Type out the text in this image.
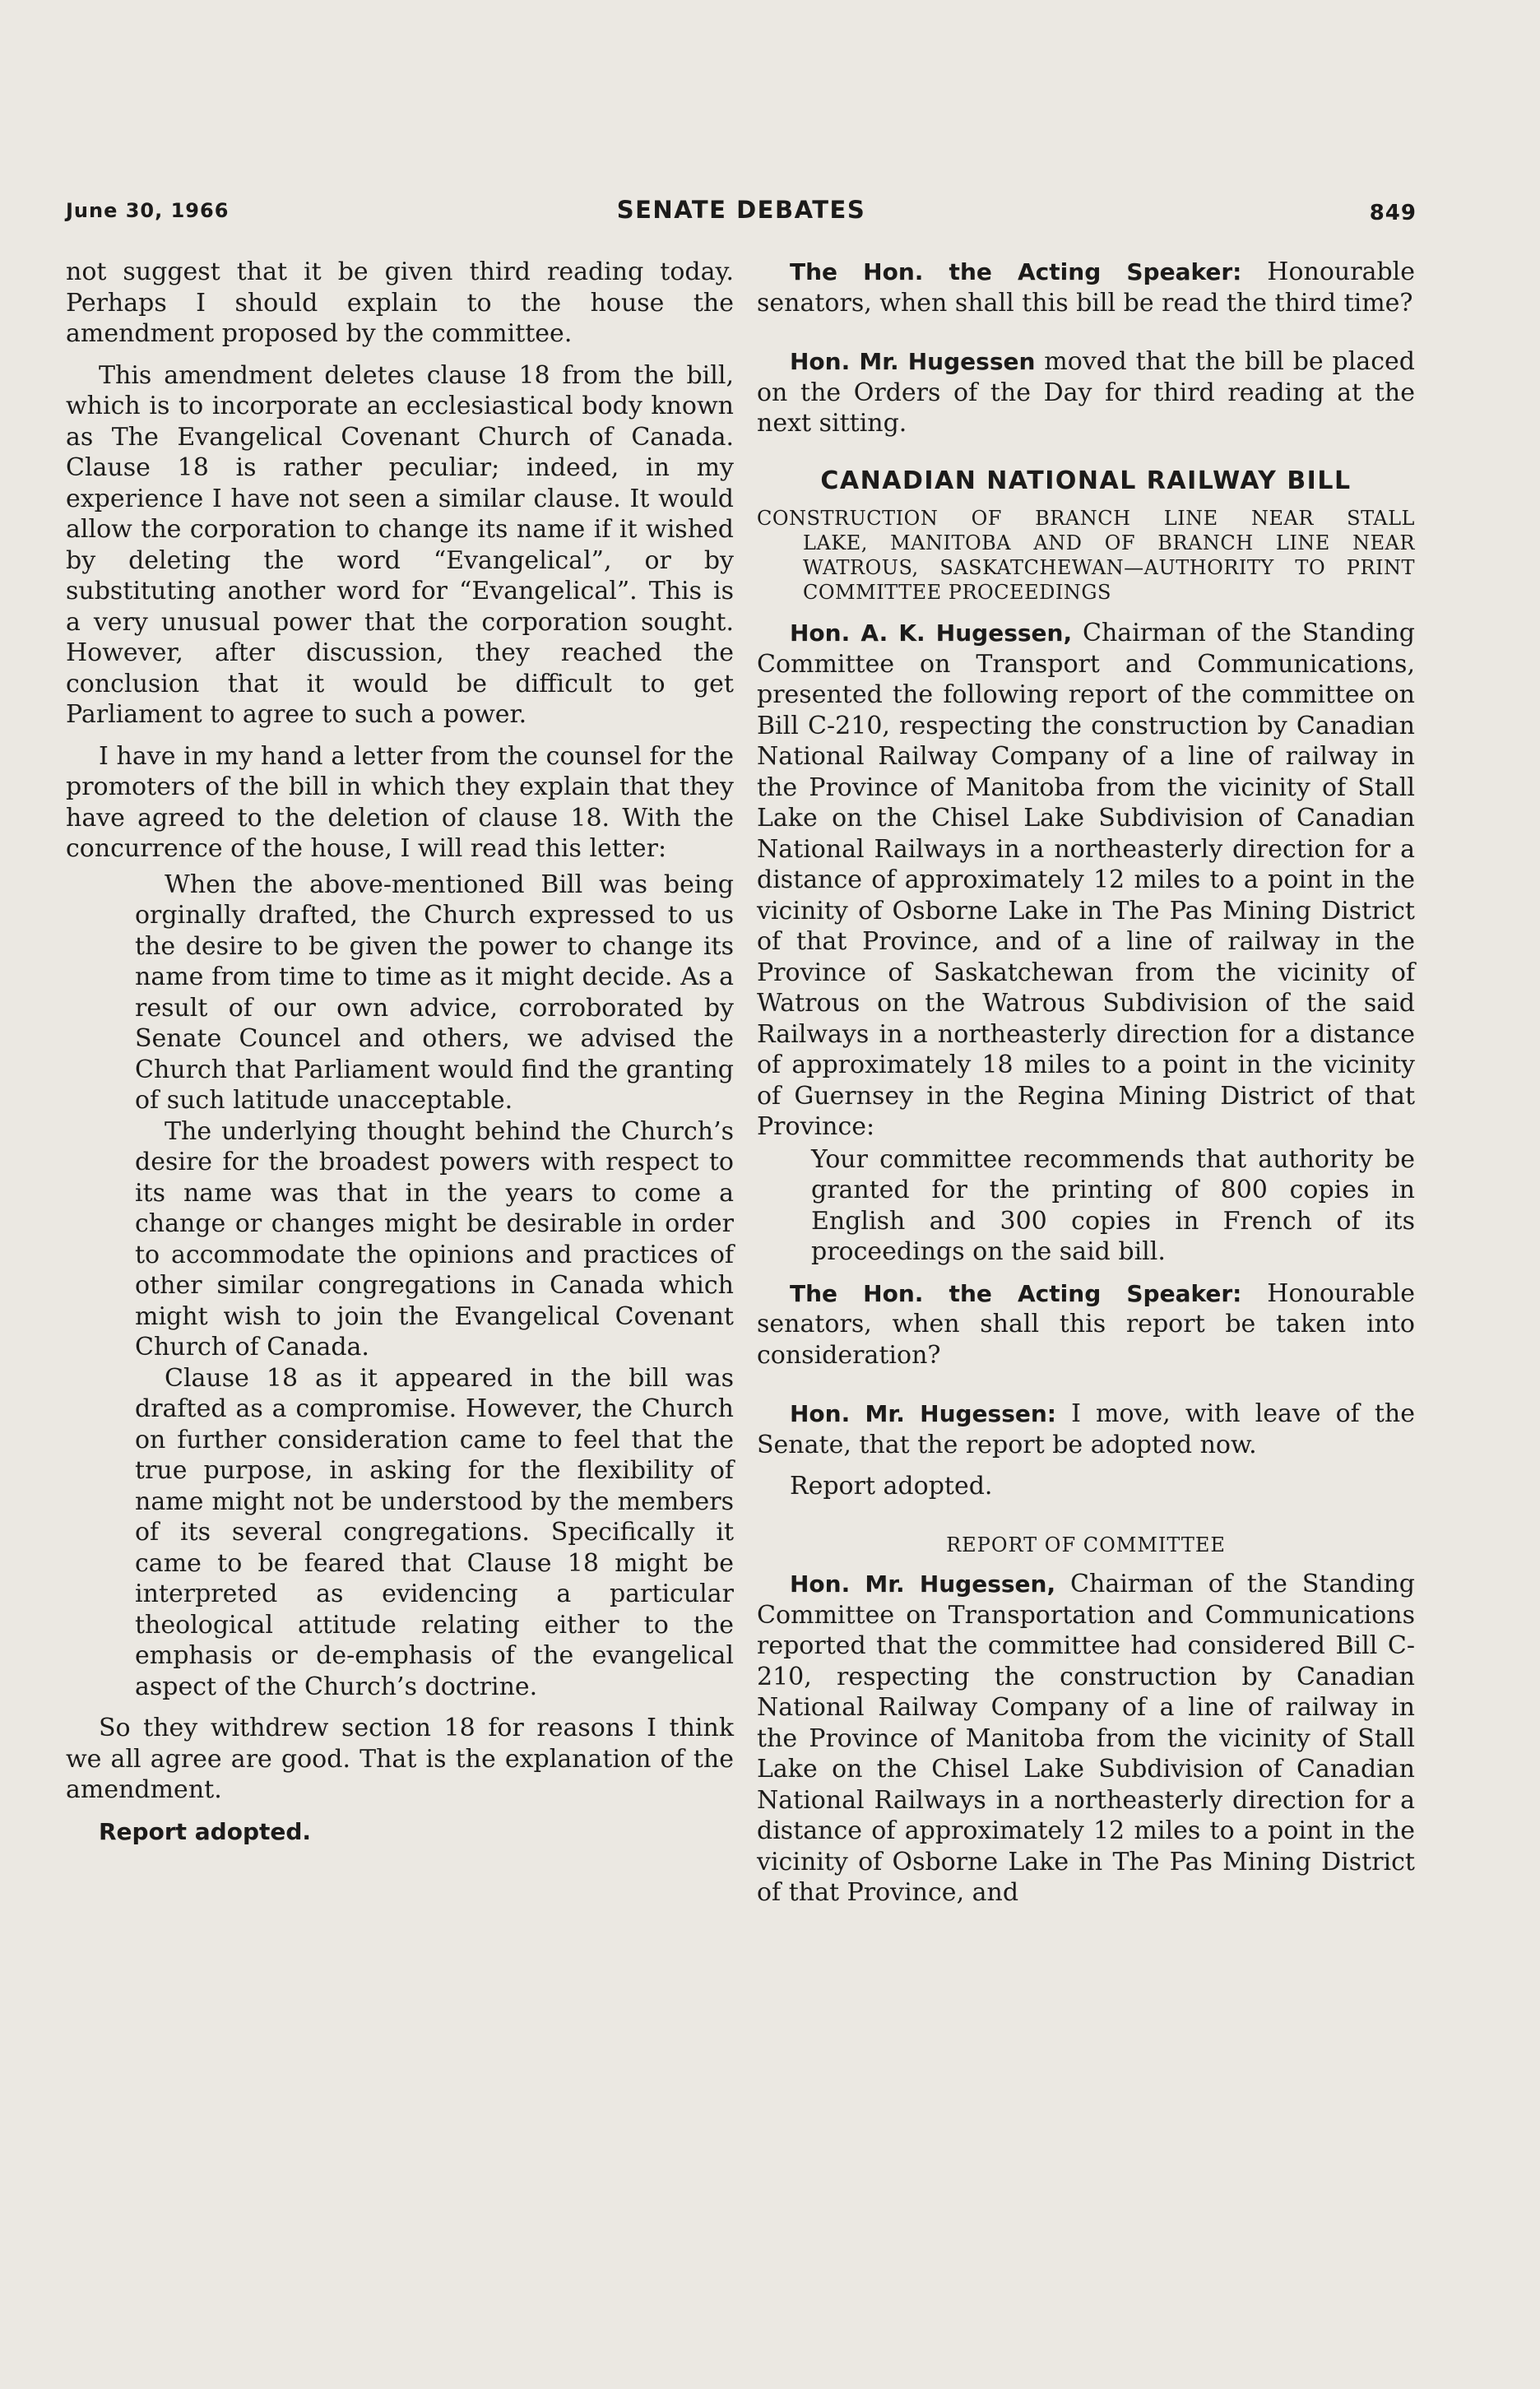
June 30, 1966	SENATE DEBATES	849

not suggest that it be given third reading today. Perhaps I should explain to the house the amendment proposed by the committee.

This amendment deletes clause 18 from the bill, which is to incorporate an ecclesiastical body known as The Evangelical Covenant Church of Canada. Clause 18 is rather peculiar; indeed, in my experience I have not seen a similar clause. It would allow the corporation to change its name if it wished by deleting the word “Evangelical”, or by substituting another word for “Evangelical”. This is a very unusual power that the corporation sought. However, after discussion, they reached the conclusion that it would be difficult to get Parliament to agree to such a power.

I have in my hand a letter from the counsel for the promoters of the bill in which they explain that they have agreed to the deletion of clause 18. With the concurrence of the house, I will read this letter:

When the above-mentioned Bill was being orginally drafted, the Church expressed to us the desire to be given the power to change its name from time to time as it might decide. As a result of our own advice, corroborated by Senate Councel and others, we advised the Church that Parliament would find the granting of such latitude unacceptable.

The underlying thought behind the Church’s desire for the broadest powers with respect to its name was that in the years to come a change or changes might be desirable in order to accommodate the opinions and practices of other similar congregations in Canada which might wish to join the Evangelical Covenant Church of Canada.

Clause 18 as it appeared in the bill was drafted as a compromise. However, the Church on further consideration came to feel that the true purpose, in asking for the flexibility of name might not be understood by the members of its several congregations. Specifically it came to be feared that Clause 18 might be interpreted as evidencing a particular theological attitude relating either to the emphasis or de-emphasis of the evangelical aspect of the Church’s doctrine.

So they withdrew section 18 for reasons I think we all agree are good. That is the explanation of the amendment.

Report adopted.

The Hon. the Acting Speaker: Honourable senators, when shall this bill be read the third time?

Hon. Mr. Hugessen moved that the bill be placed on the Orders of the Day for third reading at the next sitting.

CANADIAN NATIONAL RAILWAY BILL
CONSTRUCTION OF BRANCH LINE NEAR STALL
LAKE, MANITOBA AND OF BRANCH LINE NEAR WATROUS, SASKATCHEWAN—AUTHORITY TO PRINT COMMITTEE PROCEEDINGS

Hon. A. K. Hugessen, Chairman of the Standing Committee on Transport and Communications, presented the following report of the committee on Bill C-210, respecting the construction by Canadian National Railway Company of a line of railway in the Province of Manitoba from the vicinity of Stall Lake on the Chisel Lake Subdivision of Canadian National Railways in a northeasterly direction for a distance of approximately 12 miles to a point in the vicinity of Osborne Lake in The Pas Mining District of that Province, and of a line of railway in the Province of Saskatchewan from the vicinity of Watrous on the Watrous Subdivision of the said Railways in a northeasterly direction for a distance of approximately 18 miles to a point in the vicinity of Guernsey in the Regina Mining District of that Province:

Your committee recommends that authority be granted for the printing of 800 copies in English and 300 copies in French of its proceedings on the said bill.

The Hon. the Acting Speaker: Honourable senators, when shall this report be taken into consideration?

Hon. Mr. Hugessen: I move, with leave of the Senate, that the report be adopted now.

Report adopted.

REPORT OF COMMITTEE

Hon. Mr. Hugessen, Chairman of the Standing Committee on Transportation and Communications reported that the committee had considered Bill C-210, respecting the construction by Canadian National Railway Company of a line of railway in the Province of Manitoba from the vicinity of Stall Lake on the Chisel Lake Subdivision of Canadian National Railways in a northeasterly direction for a distance of approximately 12 miles to a point in the vicinity of Osborne Lake in The Pas Mining District of that Province, and
